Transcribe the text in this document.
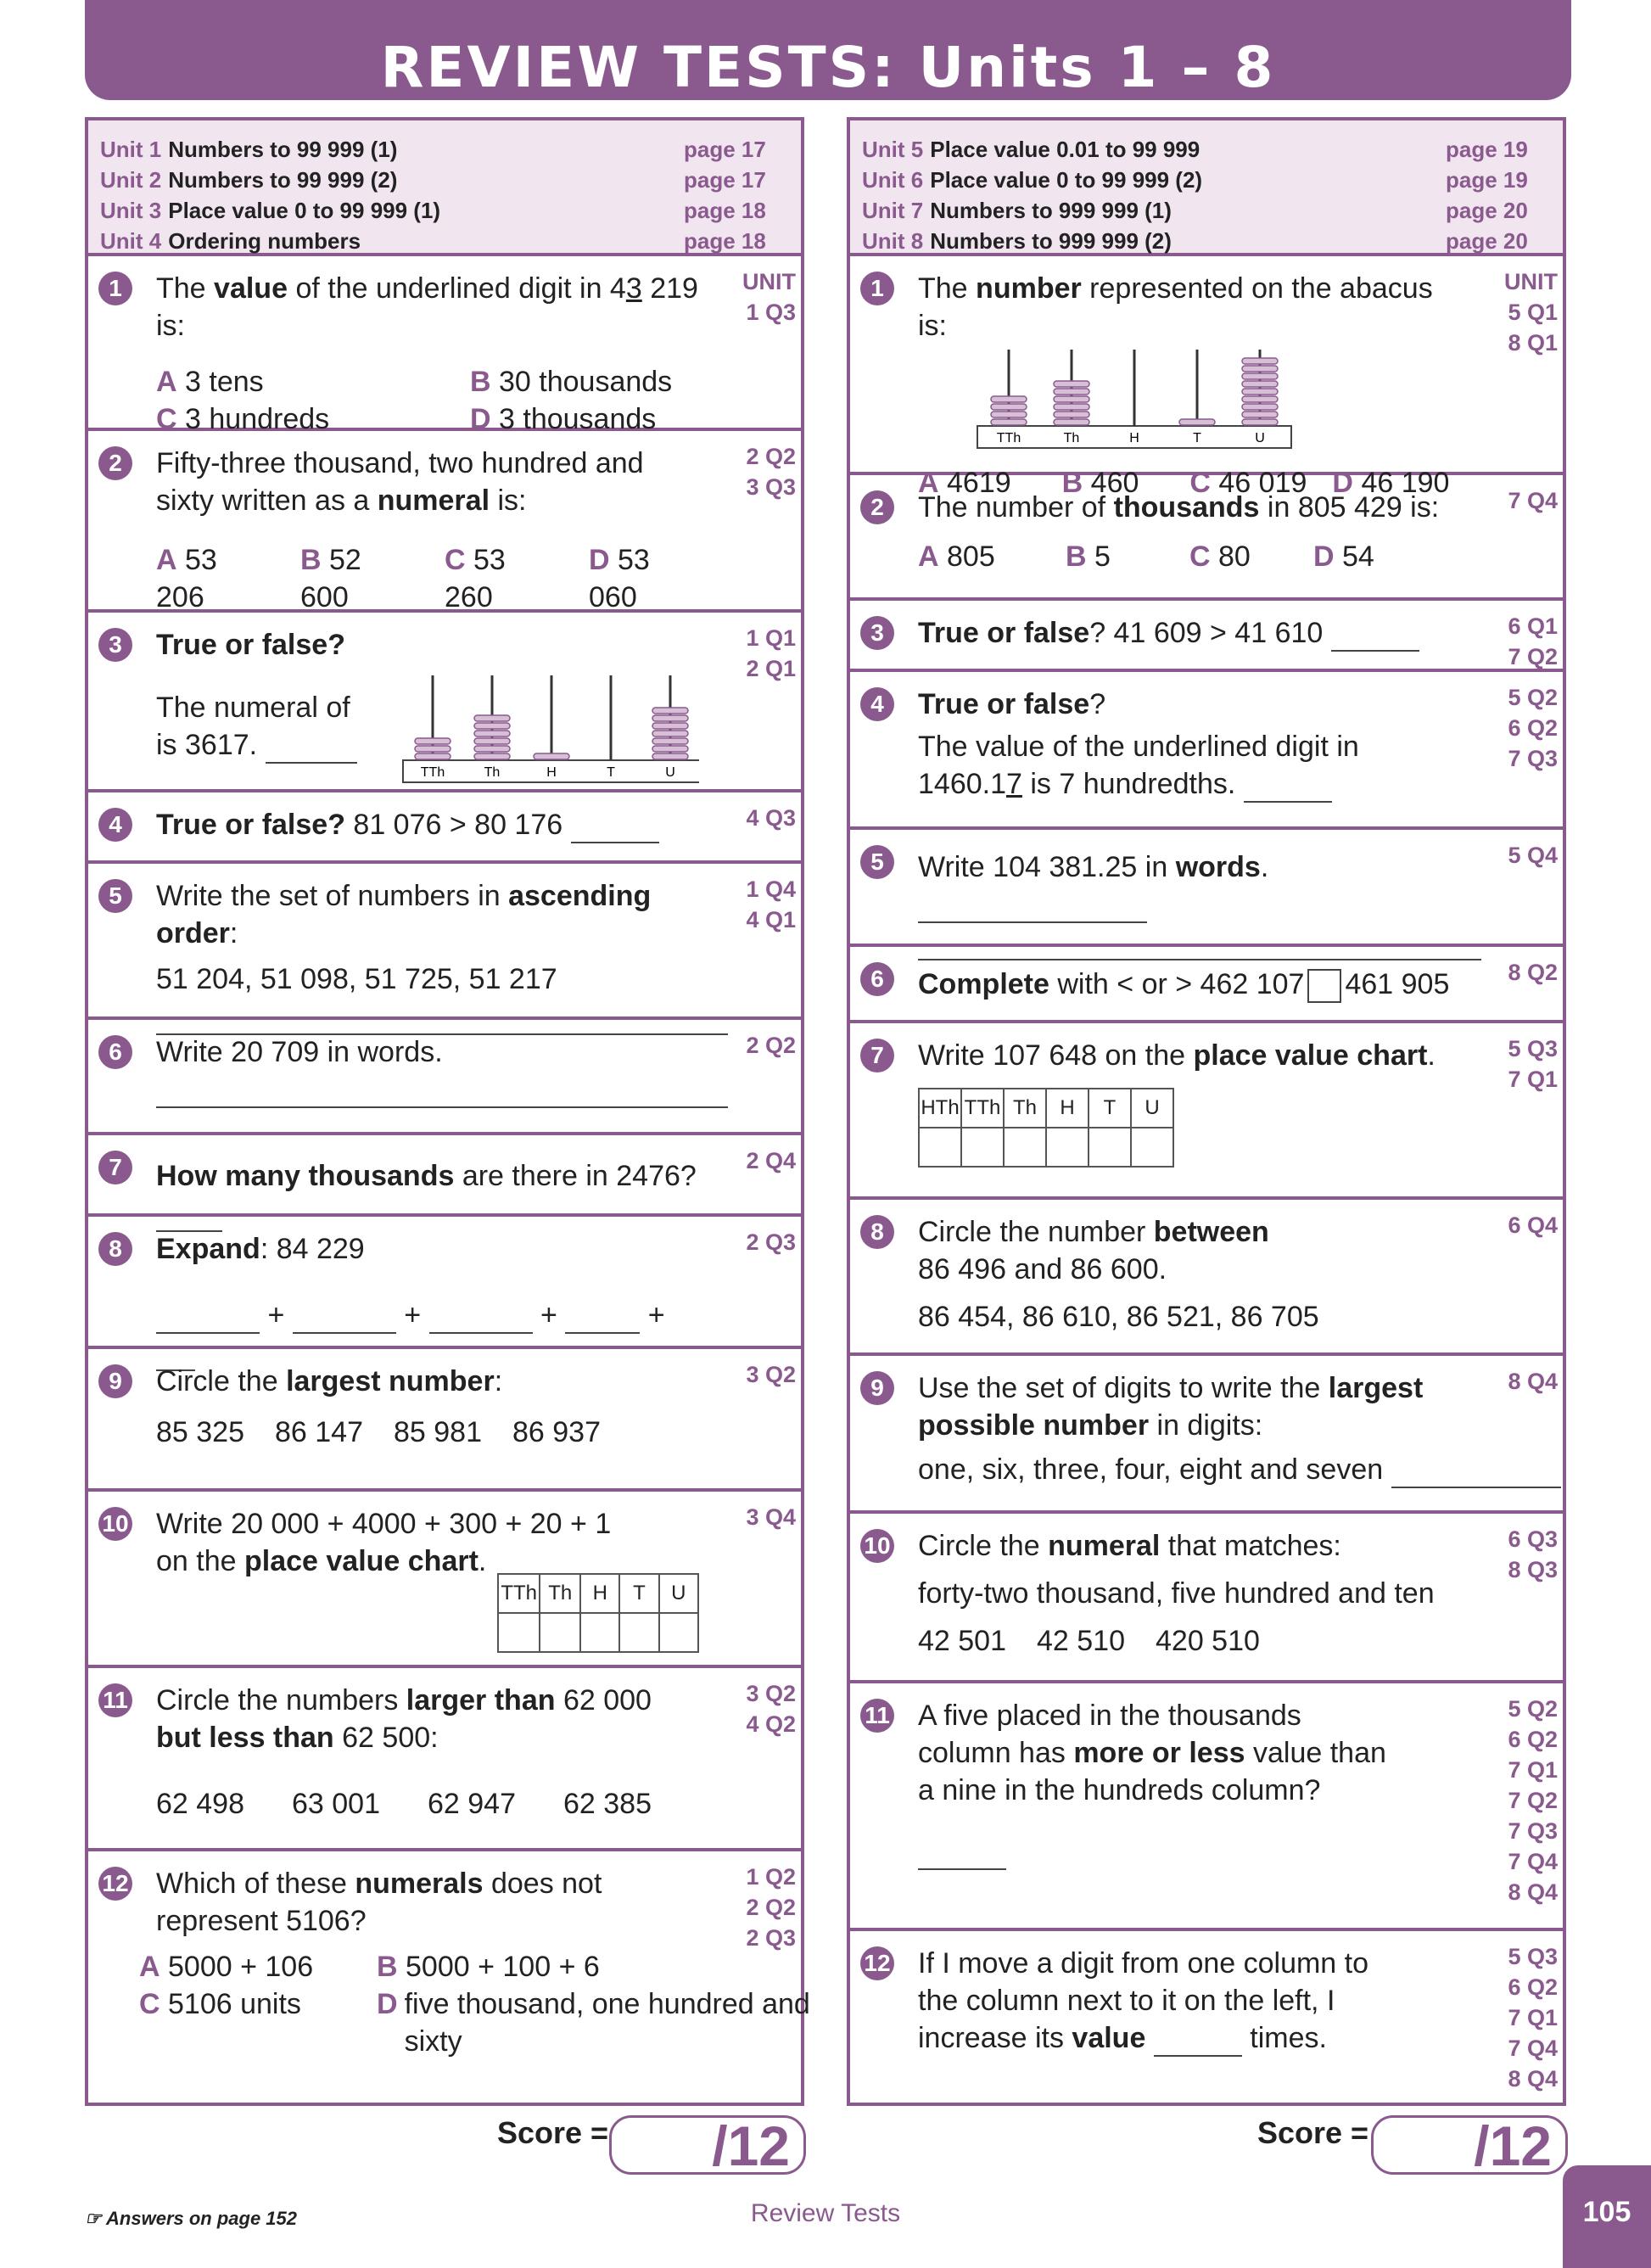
REVIEW TESTS: Units 1 – 8
Unit 1 Numbers to 99 999 (1)	page 17
Unit 2 Numbers to 99 999 (2)	page 17
Unit 3 Place value 0 to 99 999 (1)	page 18
Unit 4 Ordering numbers	page 18
1	UNIT
1 Q3
The value of the underlined digit in 43 219 is:
A 3 tens	B 30 thousands
C 3 hundreds	D 3 thousands
2	2 Q2
3 Q3
Fifty-three thousand, two hundred and sixty written as a numeral is:
A 53 206
B 52 600
C 53 260
D 53 060
3	1 Q1
2 Q1
True or false?
The numeral of
is 3617.
TTh	Th	H	T	U
4	4 Q3
True or false? 81 076 > 80 176
5	1 Q4
4 Q1
Write the set of numbers in ascending order:
51 204, 51 098, 51 725, 51 217
6	2 Q2
Write 20 709 in words.
7	2 Q4
How many thousands are there in 2476?
8	2 Q3
Expand: 84 229
+	+	+	+
9	3 Q2
Circle the largest number:
85 325 86 147 85 981 86 937
10	3 Q4
Write 20 000 + 4000 + 300 + 20 + 1
on the place value chart.
TTh	Th	H	T	U

11	3 Q2
4 Q2
Circle the numbers larger than 62 000
but less than 62 500:
62 498 63 001 62 947 62 385
12	1 Q2
2 Q2
2 Q3
Which of these numerals does not represent 5106?
A 5000 + 106	B 5000 + 100 + 6
C 5106 units	D five thousand, one hundred and sixty
Unit 5 Place value 0.01 to 99 999	page 19
Unit 6 Place value 0 to 99 999 (2)	page 19
Unit 7 Numbers to 999 999 (1)	page 20
Unit 8 Numbers to 999 999 (2)	page 20
1	UNIT
5 Q1
8 Q1
The number represented on the abacus is:
TTh	Th	H	T	U
A 4619 B 460 C 46 019 D 46 190
2	7 Q4
The number of thousands in 805 429 is:
A 805	B 5	C 80	D 54
3	6 Q1
7 Q2
True or false? 41 609 > 41 610
4	5 Q2
6 Q2
7 Q3
True or false?
The value of the underlined digit in
1460.17 is 7 hundredths.
5	5 Q4
Write 104 381.25 in words.
6	8 Q2
Complete with < or > 462 107 461 905
7	5 Q3
7 Q1
Write 107 648 on the place value chart.
HTh	TTh	Th	H	T	U

8	6 Q4
Circle the number between
86 496 and 86 600.
86 454, 86 610, 86 521, 86 705
9	8 Q4
Use the set of digits to write the largest possible number in digits:
one, six, three, four, eight and seven
10	6 Q3
8 Q3
Circle the numeral that matches:
forty-two thousand, five hundred and ten
42 501 42 510 420 510
11	5 Q2
6 Q2
7 Q1
7 Q2
7 Q3
7 Q4
8 Q4
A five placed in the thousands column has more or less value than a nine in the hundreds column?
12	5 Q3
6 Q2
7 Q1
7 Q4
8 Q4
If I move a digit from one column to the column next to it on the left, I increase its value	times.
Score =	/12	Score =	/12
☞ Answers on page 152	Review Tests	105
